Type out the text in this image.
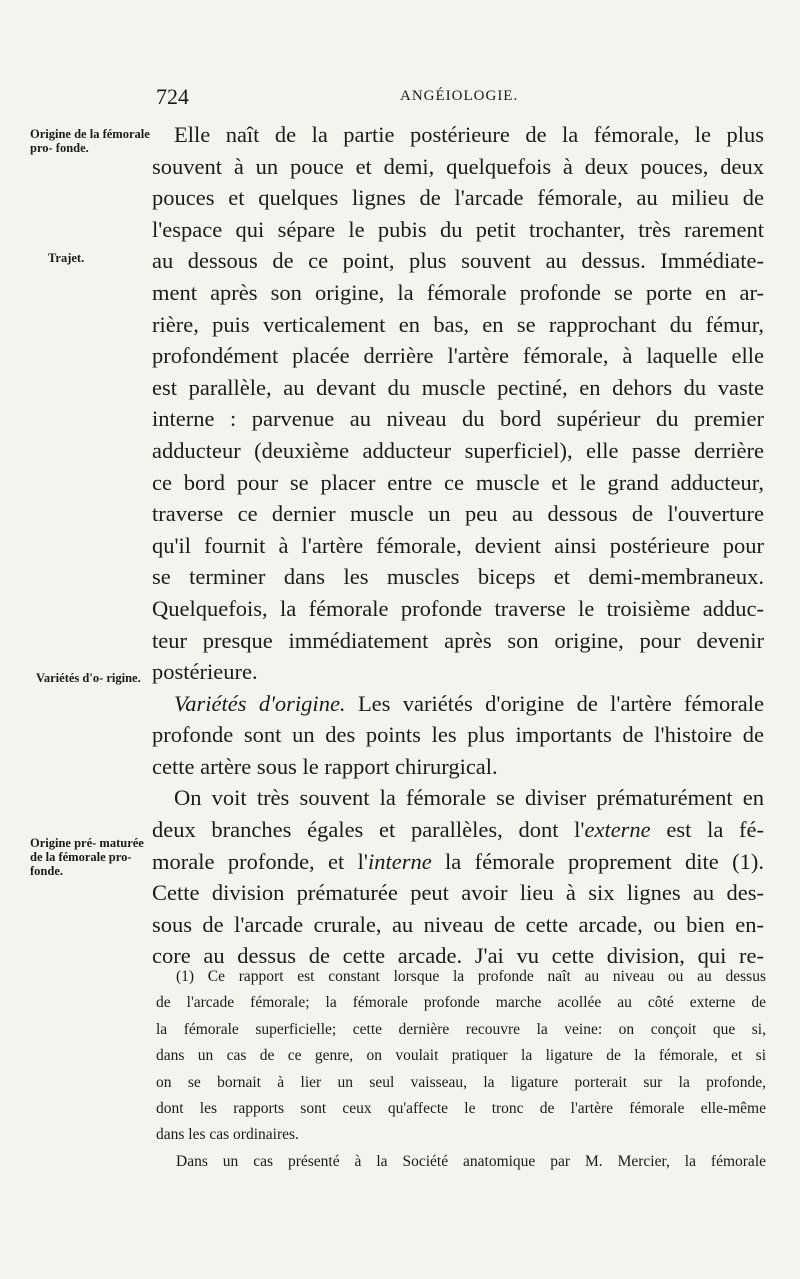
724	ANGÉIOLOGIE.
Origine de la fémorale pro- fonde.
Trajet.
Variétés d'o- rigine.
Origine pré- maturée de la fémorale pro- fonde.
Elle naît de la partie postérieure de la fémorale, le plus
souvent à un pouce et demi, quelquefois à deux pouces, deux
pouces et quelques lignes de l'arcade fémorale, au milieu de
l'espace qui sépare le pubis du petit trochanter, très rarement
au dessous de ce point, plus souvent au dessus. Immédiate-
ment après son origine, la fémorale profonde se porte en ar-
rière, puis verticalement en bas, en se rapprochant du fémur,
profondément placée derrière l'artère fémorale, à laquelle elle
est parallèle, au devant du muscle pectiné, en dehors du vaste
interne : parvenue au niveau du bord supérieur du premier
adducteur (deuxième adducteur superficiel), elle passe derrière
ce bord pour se placer entre ce muscle et le grand adducteur,
traverse ce dernier muscle un peu au dessous de l'ouverture
qu'il fournit à l'artère fémorale, devient ainsi postérieure pour
se terminer dans les muscles biceps et demi-membraneux.
Quelquefois, la fémorale profonde traverse le troisième adduc-
teur presque immédiatement après son origine, pour devenir
postérieure.
Variétés d'origine. Les variétés d'origine de l'artère fémorale
profonde sont un des points les plus importants de l'histoire de
cette artère sous le rapport chirurgical.
On voit très souvent la fémorale se diviser prématurément en
deux branches égales et parallèles, dont l'externe est la fé-
morale profonde, et l'interne la fémorale proprement dite (1).
Cette division prématurée peut avoir lieu à six lignes au des-
sous de l'arcade crurale, au niveau de cette arcade, ou bien en-
core au dessus de cette arcade. J'ai vu cette division, qui re-
(1) Ce rapport est constant lorsque la profonde naît au niveau ou au dessus
de l'arcade fémorale; la fémorale profonde marche acollée au côté externe de
la fémorale superficielle; cette dernière recouvre la veine: on conçoit que si,
dans un cas de ce genre, on voulait pratiquer la ligature de la fémorale, et si
on se bornait à lier un seul vaisseau, la ligature porterait sur la profonde,
dont les rapports sont ceux qu'affecte le tronc de l'artère fémorale elle-même
dans les cas ordinaires.
Dans un cas présenté à la Société anatomique par M. Mercier, la fémorale
